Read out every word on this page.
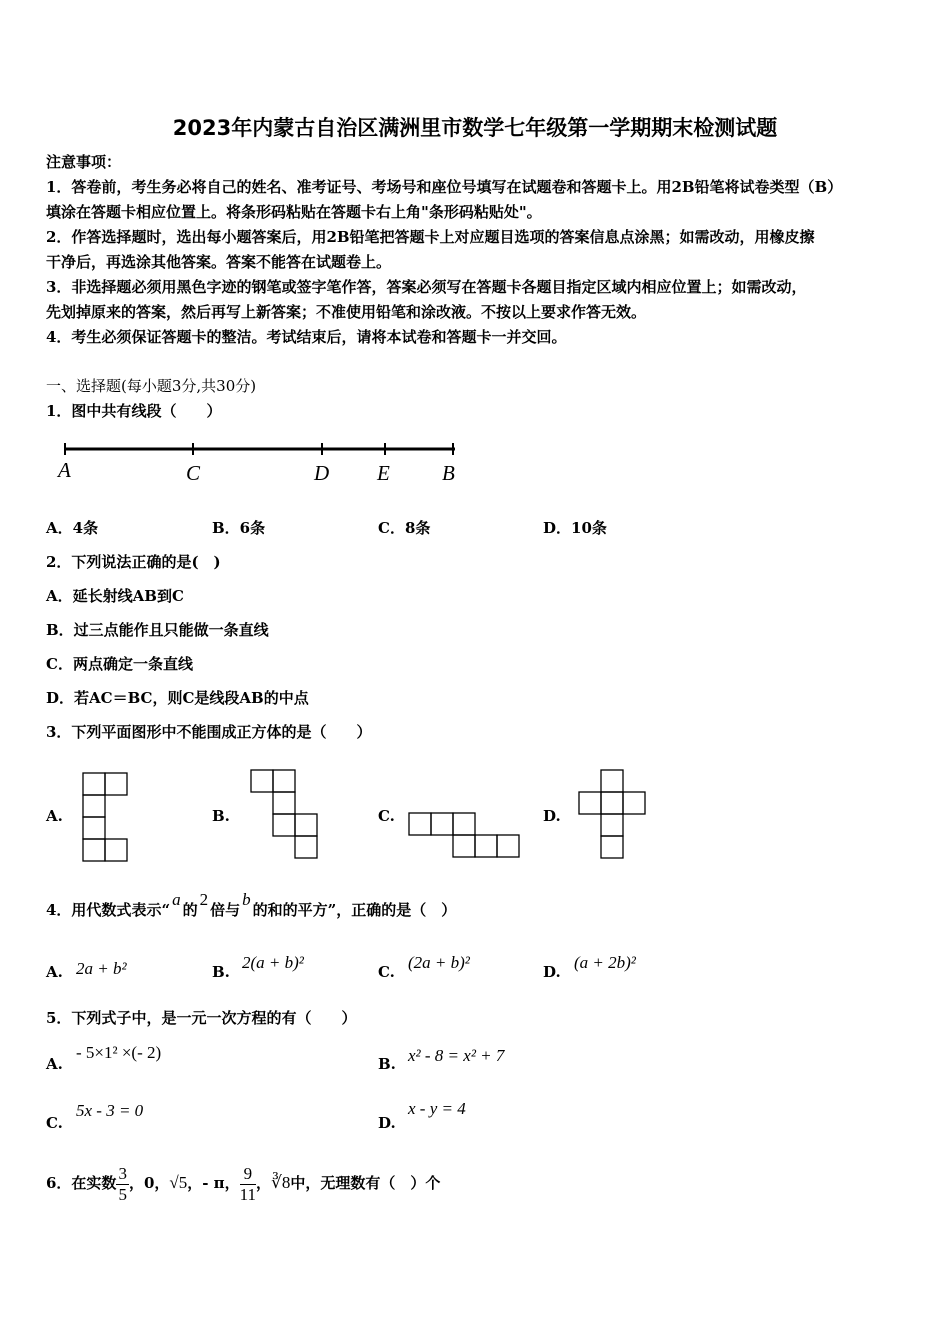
2023年内蒙古自治区满洲里市数学七年级第一学期期末检测试题
注意事项：
1．答卷前，考生务必将自己的姓名、准考证号、考场号和座位号填写在试题卷和答题卡上。用2B铅笔将试卷类型（B）
填涂在答题卡相应位置上。将条形码粘贴在答题卡右上角"条形码粘贴处"。
2．作答选择题时，选出每小题答案后，用2B铅笔把答题卡上对应题目选项的答案信息点涂黑；如需改动，用橡皮擦
干净后，再选涂其他答案。答案不能答在试题卷上。
3．非选择题必须用黑色字迹的钢笔或签字笔作答，答案必须写在答题卡各题目指定区域内相应位置上；如需改动，
先划掉原来的答案，然后再写上新答案；不准使用铅笔和涂改液。不按以上要求作答无效。
4．考生必须保证答题卡的整洁。考试结束后，请将本试卷和答题卡一并交回。
一、选择题(每小题3分,共30分)
1．图中共有线段（　　）
A	C	D E B
A．4条	B．6条	C．8条	D．10条
2．下列说法正确的是(　)
A．延长射线AB到C
B．过三点能作且只能做一条直线
C．两点确定一条直线
D．若AC＝BC，则C是线段AB的中点
3．下列平面图形中不能围成正方体的是（　　）
A.	B.	C.	D.
4．用代数式表示“a的2倍与b的和的平方”，正确的是（　）
A. 2a + b²	B. 2(a + b)²	C. (2a + b)²	D. (a + 2b)²
5．下列式子中，是一元一次方程的有（　　）
A.
- 5×1² ×(- 2)
B. x² - 8 = x² + 7
C.
5x - 3 = 0
D.
x - y = 4
6．在实数 $\frac{3}{5}$ ，0，√5，- π， $\frac{9}{11}$ ，∛8中，无理数有（　）个
